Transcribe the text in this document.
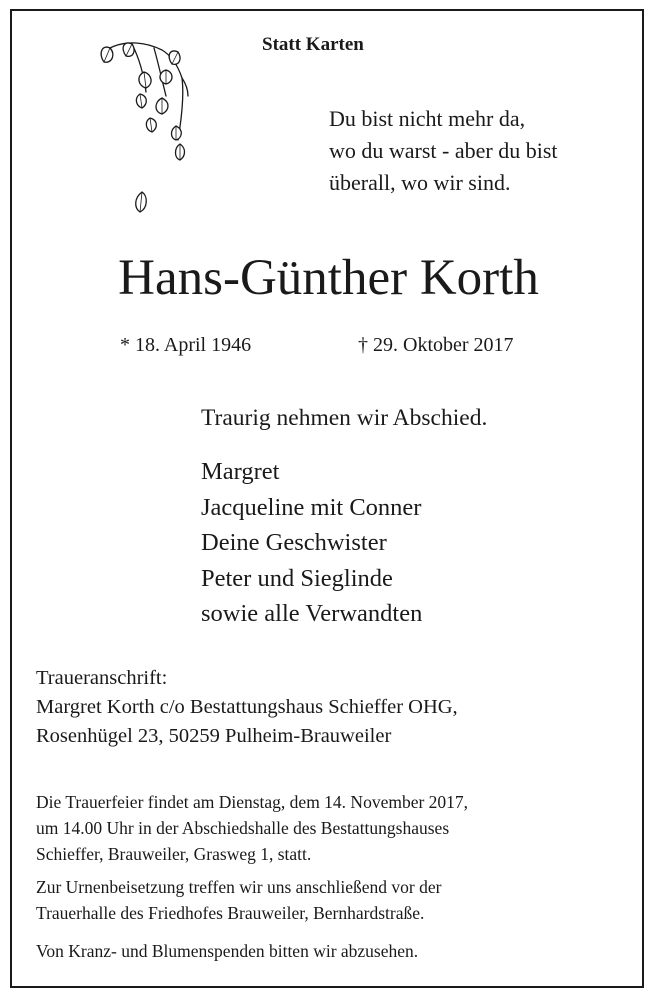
Statt Karten
Du bist nicht mehr da,
wo du warst - aber du bist
überall, wo wir sind.
Hans-Günther Korth
* 18. April 1946	† 29. Oktober 2017
Traurig nehmen wir Abschied.
Margret
Jacqueline mit Conner
Deine Geschwister
Peter und Sieglinde
sowie alle Verwandten
Traueranschrift:
Margret Korth c/o Bestattungshaus Schieffer OHG,
Rosenhügel 23, 50259 Pulheim-Brauweiler
Die Trauerfeier findet am Dienstag, dem 14. November 2017,
um 14.00 Uhr in der Abschiedshalle des Bestattungshauses
Schieffer, Brauweiler, Grasweg 1, statt.
Zur Urnenbeisetzung treffen wir uns anschließend vor der
Trauerhalle des Friedhofes Brauweiler, Bernhardstraße.
Von Kranz- und Blumenspenden bitten wir abzusehen.
